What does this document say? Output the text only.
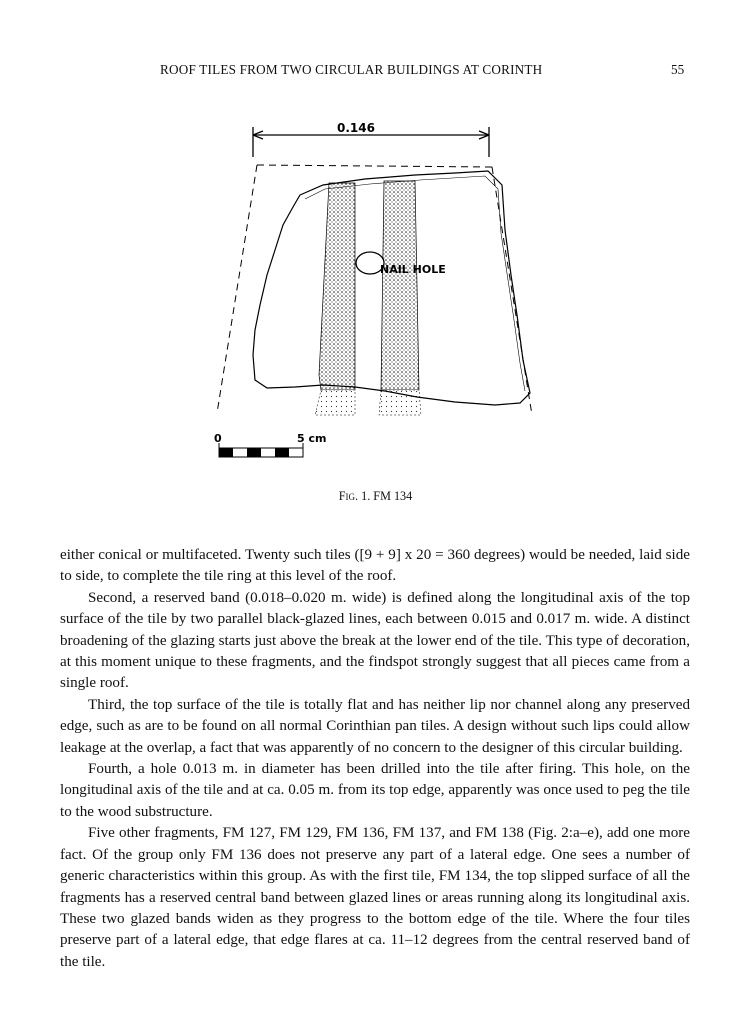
ROOF TILES FROM TWO CIRCULAR BUILDINGS AT CORINTH	55
0.146
NAIL HOLE
0	5 cm
Fig. 1. FM 134

either conical or multifaceted. Twenty such tiles ([9 + 9] x 20 = 360 degrees) would be needed, laid side to side, to complete the tile ring at this level of the roof.

Second, a reserved band (0.018–0.020 m. wide) is defined along the longitudinal axis of the top surface of the tile by two parallel black-glazed lines, each between 0.015 and 0.017 m. wide. A distinct broadening of the glazing starts just above the break at the lower end of the tile. This type of decoration, at this moment unique to these fragments, and the findspot strongly suggest that all pieces came from a single roof.

Third, the top surface of the tile is totally flat and has neither lip nor channel along any preserved edge, such as are to be found on all normal Corinthian pan tiles. A design without such lips could allow leakage at the overlap, a fact that was apparently of no concern to the designer of this circular building.

Fourth, a hole 0.013 m. in diameter has been drilled into the tile after firing. This hole, on the longitudinal axis of the tile and at ca. 0.05 m. from its top edge, apparently was once used to peg the tile to the wood substructure.

Five other fragments, FM 127, FM 129, FM 136, FM 137, and FM 138 (Fig. 2:a–e), add one more fact. Of the group only FM 136 does not preserve any part of a lateral edge. One sees a number of generic characteristics within this group. As with the first tile, FM 134, the top slipped surface of all the fragments has a reserved central band between glazed lines or areas running along its longitudinal axis. These two glazed bands widen as they progress to the bottom edge of the tile. Where the four tiles preserve part of a lateral edge, that edge flares at ca. 11–12 degrees from the central reserved band of the tile.
